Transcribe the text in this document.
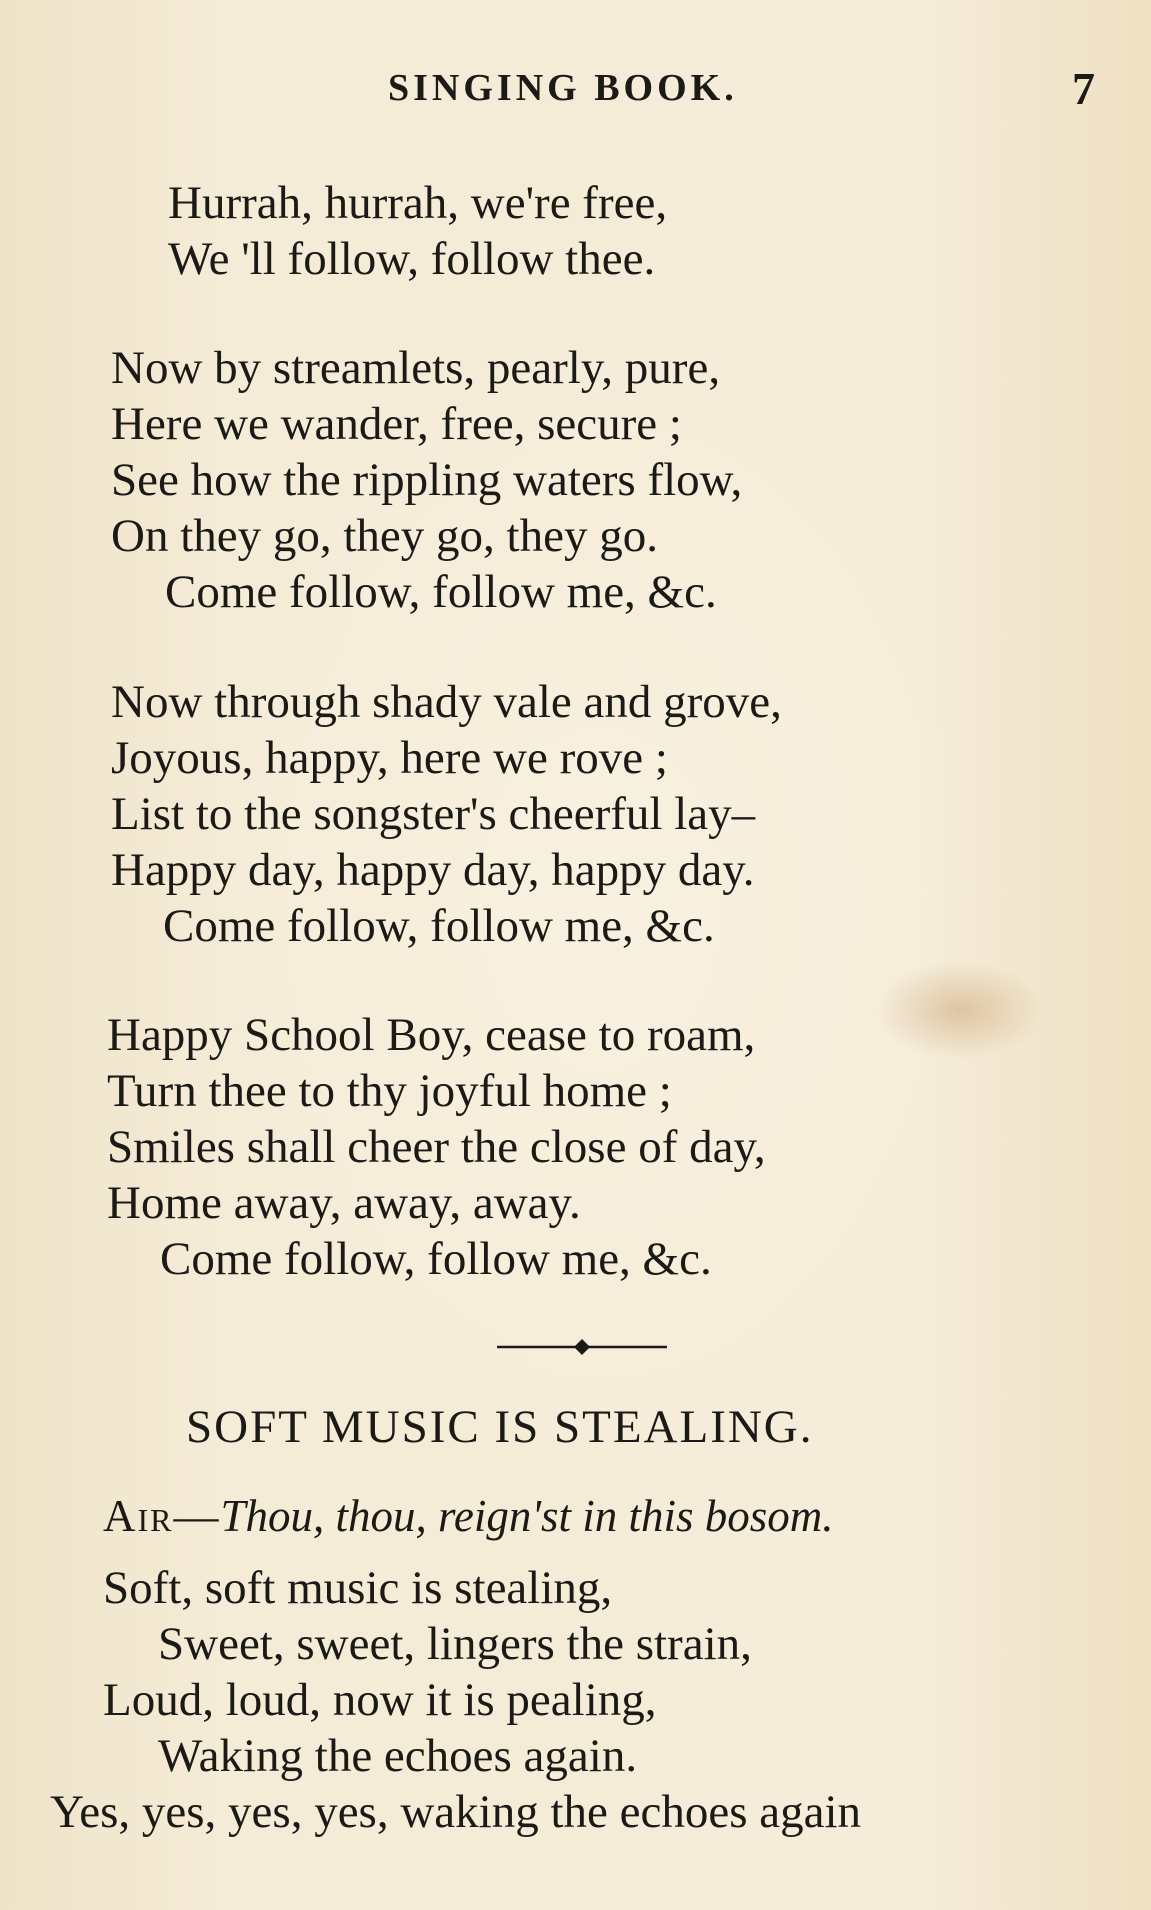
SINGING BOOK.	7
Hurrah, hurrah, we're free,
We 'll follow, follow thee.
Now by streamlets, pearly, pure,
Here we wander, free, secure ;
See how the rippling waters flow,
On they go, they go, they go.
Come follow, follow me, &c.
Now through shady vale and grove,
Joyous, happy, here we rove ;
List to the songster's cheerful lay–
Happy day, happy day, happy day.
Come follow, follow me, &c.
Happy School Boy, cease to roam,
Turn thee to thy joyful home ;
Smiles shall cheer the close of day,
Home away, away, away.
Come follow, follow me, &c.
SOFT MUSIC IS STEALING.
Air—Thou, thou, reign'st in this bosom.
Soft, soft music is stealing,
Sweet, sweet, lingers the strain,
Loud, loud, now it is pealing,
Waking the echoes again.
Yes, yes, yes, yes, waking the echoes again
